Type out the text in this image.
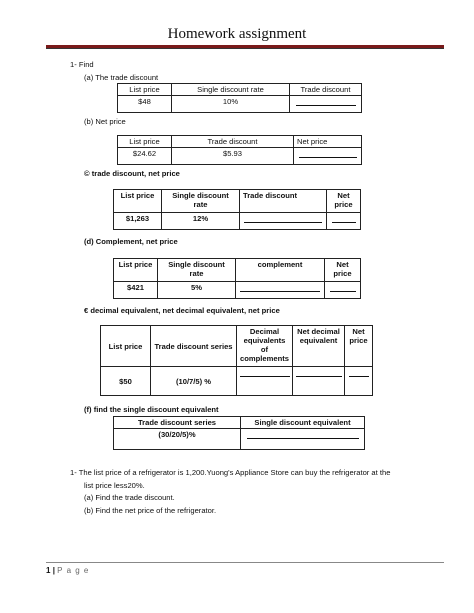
Homework assignment
1- Find
(a) The trade discount
List price	Single discount rate	Trade discount
$48	10%	
(b) Net price
List price	Trade discount	Net price
$24.62	$5.93	
© trade discount, net price
List price	Single discount rate	Trade discount	Net price
$1,263	12%		
(d) Complement, net price
List price	Single discount rate	complement	Net price
$421	5%		
€ decimal equivalent, net decimal equivalent, net price
List price	Trade discount series	Decimal equivalents of complements	Net decimal equivalent	Net price
$50	(10/7/5) %			
(f) find the single discount equivalent
Trade discount series	Single discount equivalent
(30/20/5)%	
1- The list price of a refrigerator is 1,200.Yuong's Appliance Store can buy the refrigerator at the
list price less20%.
(a) Find the trade discount.
(b) Find the net price of the refrigerator.
1 | P a g e
